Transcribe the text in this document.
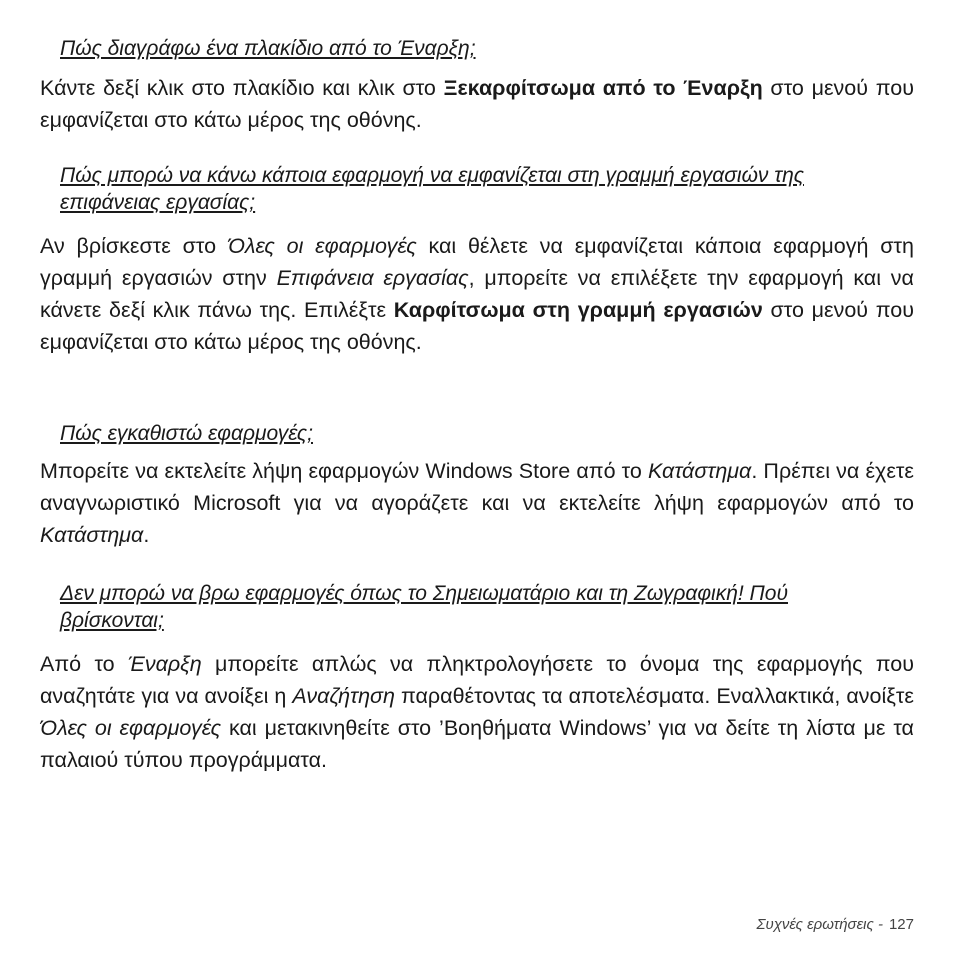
Πώς διαγράφω ένα πλακίδιο από το Έναρξη;

Κάντε δεξί κλικ στο πλακίδιο και κλικ στο Ξεκαρφίτσωμα από το Έναρξη στο μενού που εμφανίζεται στο κάτω μέρος της οθόνης.

Πώς μπορώ να κάνω κάποια εφαρμογή να εμφανίζεται στη γραμμή εργασιών της επιφάνειας εργασίας;

Αν βρίσκεστε στο Όλες οι εφαρμογές και θέλετε να εμφανίζεται κάποια εφαρμογή στη γραμμή εργασιών στην Επιφάνεια εργασίας, μπορείτε να επιλέξετε την εφαρμογή και να κάνετε δεξί κλικ πάνω της. Επιλέξτε Καρφίτσωμα στη γραμμή εργασιών στο μενού που εμφανίζεται στο κάτω μέρος της οθόνης.

Πώς εγκαθιστώ εφαρμογές;

Μπορείτε να εκτελείτε λήψη εφαρμογών Windows Store από το Κατάστημα. Πρέπει να έχετε αναγνωριστικό Microsoft για να αγοράζετε και να εκτελείτε λήψη εφαρμογών από το Κατάστημα.

Δεν μπορώ να βρω εφαρμογές όπως το Σημειωματάριο και τη Ζωγραφική! Πού βρίσκονται;

Από το Έναρξη μπορείτε απλώς να πληκτρολογήσετε το όνομα της εφαρμογής που αναζητάτε για να ανοίξει η Αναζήτηση παραθέτοντας τα αποτελέσματα. Εναλλακτικά, ανοίξτε Όλες οι εφαρμογές και μετακινηθείτε στο ’Βοηθήματα Windows’ για να δείτε τη λίστα με τα παλαιού τύπου προγράμματα.

Συχνές ερωτήσεις - 127
